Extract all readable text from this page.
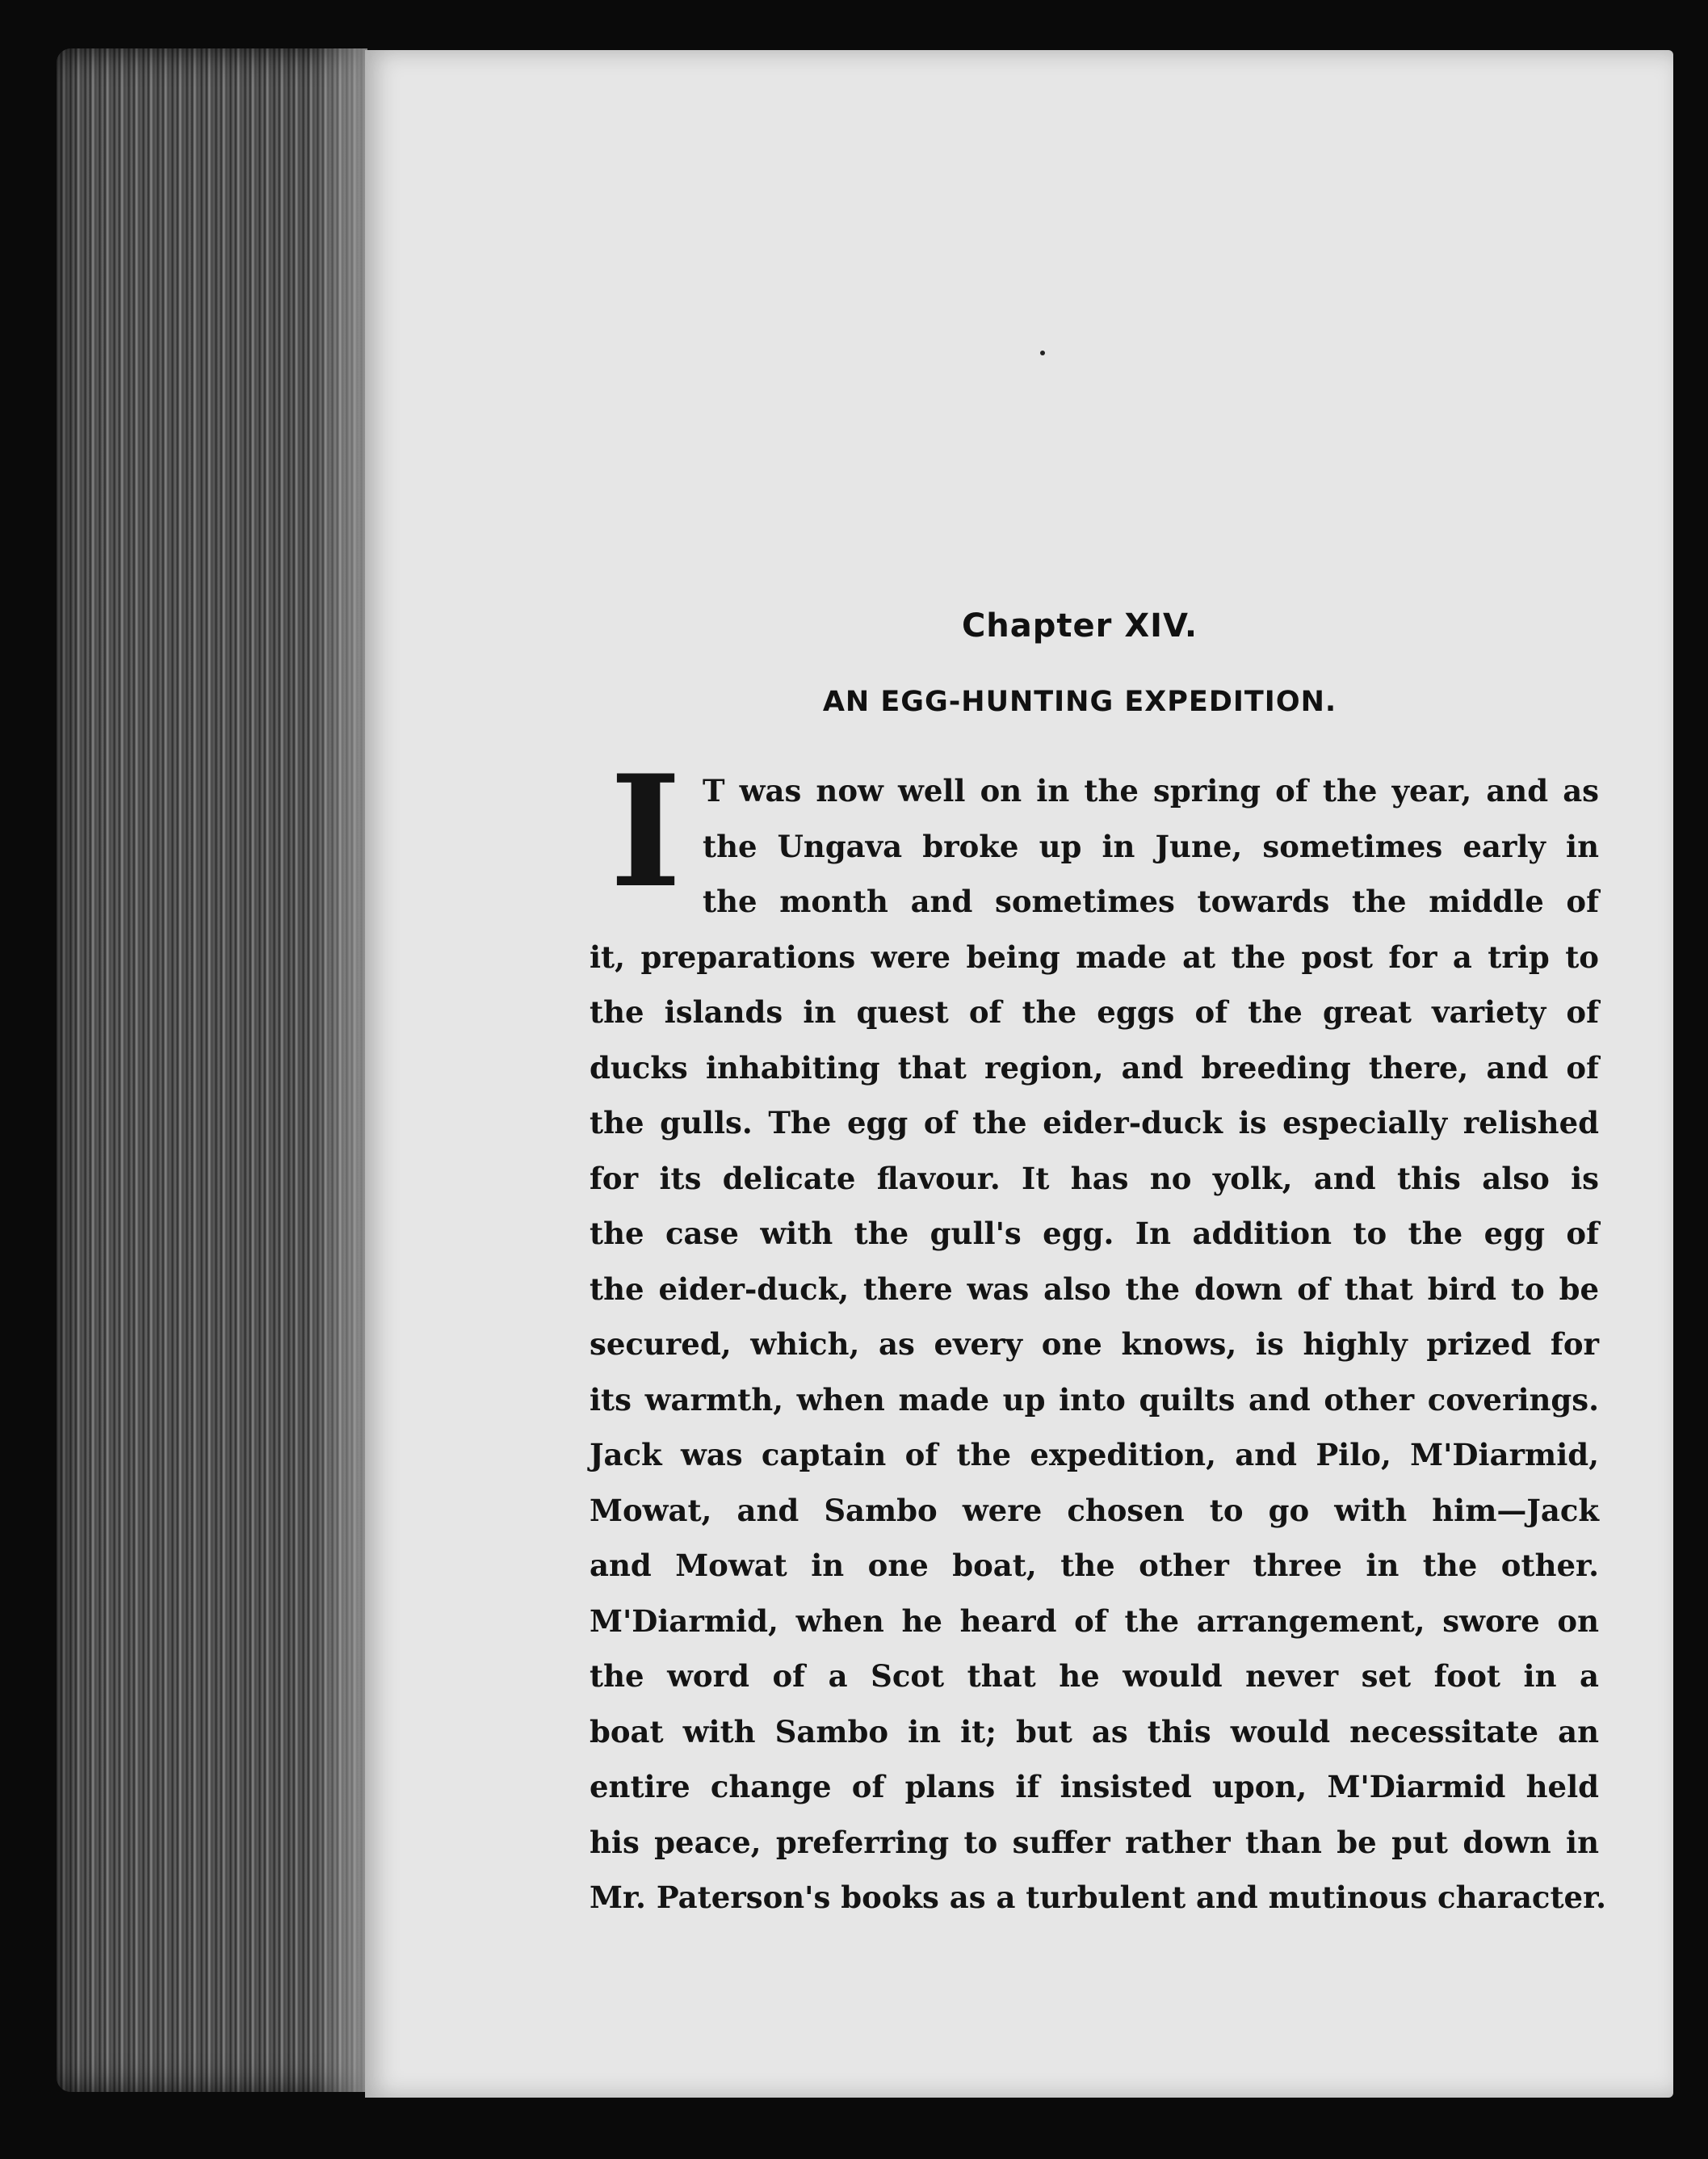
Chapter XIV.
AN EGG-HUNTING EXPEDITION.
I T was now well on in the spring of the year, and as
the Ungava broke up in June, sometimes early in
the month and sometimes towards the middle of
it, preparations were being made at the post for a trip to
the islands in quest of the eggs of the great variety of
ducks inhabiting that region, and breeding there, and of
the gulls. The egg of the eider-duck is especially relished
for its delicate flavour. It has no yolk, and this also is
the case with the gull's egg. In addition to the egg of
the eider-duck, there was also the down of that bird to be
secured, which, as every one knows, is highly prized for
its warmth, when made up into quilts and other coverings.
Jack was captain of the expedition, and Pilo, M'Diarmid,
Mowat, and Sambo were chosen to go with him—Jack
and Mowat in one boat, the other three in the other.
M'Diarmid, when he heard of the arrangement, swore on
the word of a Scot that he would never set foot in a
boat with Sambo in it; but as this would necessitate an
entire change of plans if insisted upon, M'Diarmid held
his peace, preferring to suffer rather than be put down in
Mr. Paterson's books as a turbulent and mutinous character.
